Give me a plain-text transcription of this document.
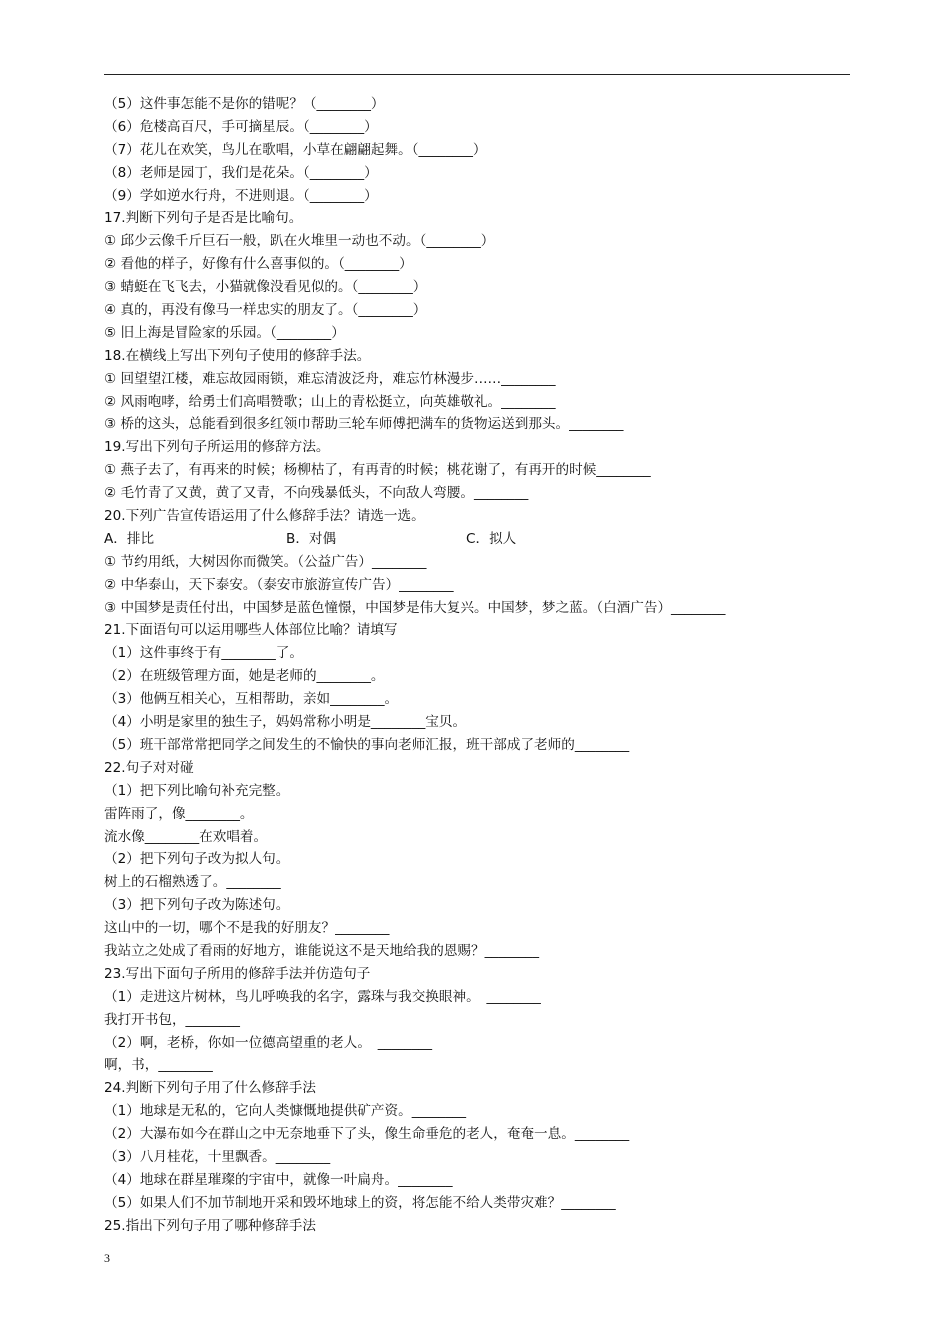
（5）这件事怎能不是你的错呢？（________）
（6）危楼高百尺，手可摘星辰。（________）
（7）花儿在欢笑，鸟儿在歌唱，小草在翩翩起舞。（________）
（8）老师是园丁，我们是花朵。（________）
（9）学如逆水行舟，不进则退。（________）
17.判断下列句子是否是比喻句。
① 邱少云像千斤巨石一般，趴在火堆里一动也不动。（________）
② 看他的样子，好像有什么喜事似的。（________）
③ 蜻蜓在飞飞去，小猫就像没看见似的。（________）
④ 真的，再没有像马一样忠实的朋友了。（________）
⑤ 旧上海是冒险家的乐园。（________）
18.在横线上写出下列句子使用的修辞手法。
① 回望望江楼，难忘故园雨锁，难忘清波泛舟，难忘竹林漫步……________
② 风雨咆哮，给勇士们高唱赞歌；山上的青松挺立，向英雄敬礼。________
③ 桥的这头，总能看到很多红领巾帮助三轮车师傅把满车的货物运送到那头。________
19.写出下列句子所运用的修辞方法。
① 燕子去了，有再来的时候；杨柳枯了，有再青的时候；桃花谢了，有再开的时候________
② 毛竹青了又黄，黄了又青，不向残暴低头，不向敌人弯腰。________
20.下列广告宣传语运用了什么修辞手法？请选一选。
A．排比	B．对偶	C．拟人
① 节约用纸，大树因你而微笑。（公益广告）________
② 中华泰山，天下泰安。（泰安市旅游宣传广告）________
③ 中国梦是责任付出，中国梦是蓝色憧憬，中国梦是伟大复兴。中国梦，梦之蓝。（白酒广告）________
21.下面语句可以运用哪些人体部位比喻？请填写
（1）这件事终于有________了。
（2）在班级管理方面，她是老师的________。
（3）他俩互相关心，互相帮助，亲如________。
（4）小明是家里的独生子，妈妈常称小明是________宝贝。
（5）班干部常常把同学之间发生的不愉快的事向老师汇报，班干部成了老师的________
22.句子对对碰
（1）把下列比喻句补充完整。
雷阵雨了，像________。
流水像________在欢唱着。
（2）把下列句子改为拟人句。
树上的石榴熟透了。________
（3）把下列句子改为陈述句。
这山中的一切，哪个不是我的好朋友？________
我站立之处成了看雨的好地方，谁能说这不是天地给我的恩赐？________
23.写出下面句子所用的修辞手法并仿造句子
（1）走进这片树林，鸟儿呼唤我的名字，露珠与我交换眼神。　________
我打开书包，________
（2）啊，老桥，你如一位德高望重的老人。　________
啊，书，________
24.判断下列句子用了什么修辞手法
（1）地球是无私的，它向人类慷慨地提供矿产资。________
（2）大瀑布如今在群山之中无奈地垂下了头，像生命垂危的老人，奄奄一息。________
（3）八月桂花，十里飘香。________
（4）地球在群星璀璨的宇宙中，就像一叶扁舟。________
（5）如果人们不加节制地开采和毁坏地球上的资，将怎能不给人类带灾难？________
25.指出下列句子用了哪种修辞手法
3
